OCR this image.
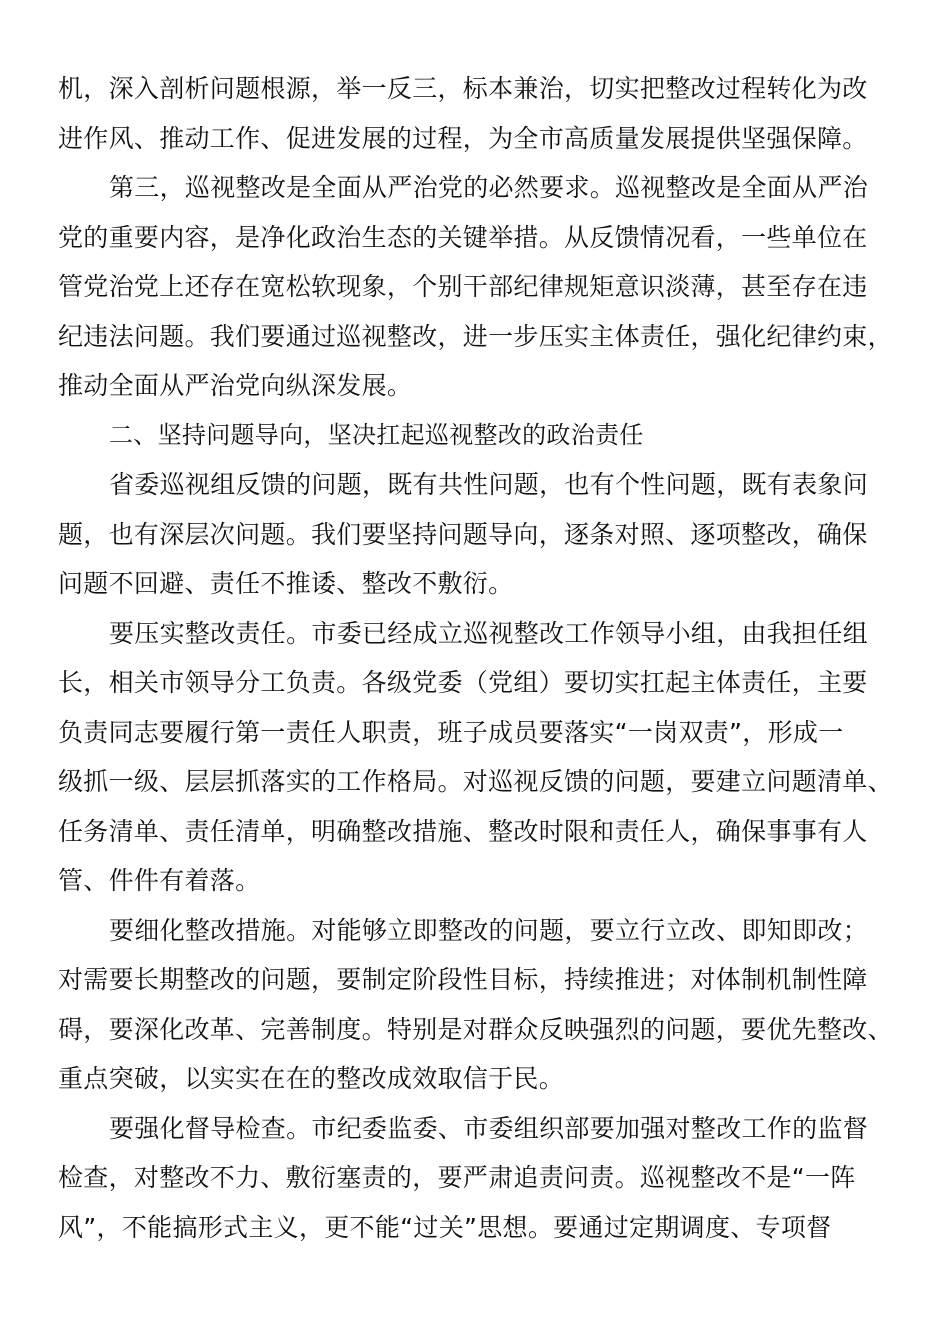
机，深入剖析问题根源，举一反三，标本兼治，切实把整改过程转化为改
进作风、推动工作、促进发展的过程，为全市高质量发展提供坚强保障。
第三，巡视整改是全面从严治党的必然要求。巡视整改是全面从严治
党的重要内容，是净化政治生态的关键举措。从反馈情况看，一些单位在
管党治党上还存在宽松软现象，个别干部纪律规矩意识淡薄，甚至存在违
纪违法问题。我们要通过巡视整改，进一步压实主体责任，强化纪律约束，
推动全面从严治党向纵深发展。
二、坚持问题导向，坚决扛起巡视整改的政治责任
省委巡视组反馈的问题，既有共性问题，也有个性问题，既有表象问
题，也有深层次问题。我们要坚持问题导向，逐条对照、逐项整改，确保
问题不回避、责任不推诿、整改不敷衍。
要压实整改责任。市委已经成立巡视整改工作领导小组，由我担任组
长，相关市领导分工负责。各级党委（党组）要切实扛起主体责任，主要
负责同志要履行第一责任人职责，班子成员要落实“一岗双责”，形成一
级抓一级、层层抓落实的工作格局。对巡视反馈的问题，要建立问题清单、
任务清单、责任清单，明确整改措施、整改时限和责任人，确保事事有人
管、件件有着落。
要细化整改措施。对能够立即整改的问题，要立行立改、即知即改；
对需要长期整改的问题，要制定阶段性目标，持续推进；对体制机制性障
碍，要深化改革、完善制度。特别是对群众反映强烈的问题，要优先整改、
重点突破，以实实在在的整改成效取信于民。
要强化督导检查。市纪委监委、市委组织部要加强对整改工作的监督
检查，对整改不力、敷衍塞责的，要严肃追责问责。巡视整改不是“一阵
风”，不能搞形式主义，更不能“过关”思想。要通过定期调度、专项督
